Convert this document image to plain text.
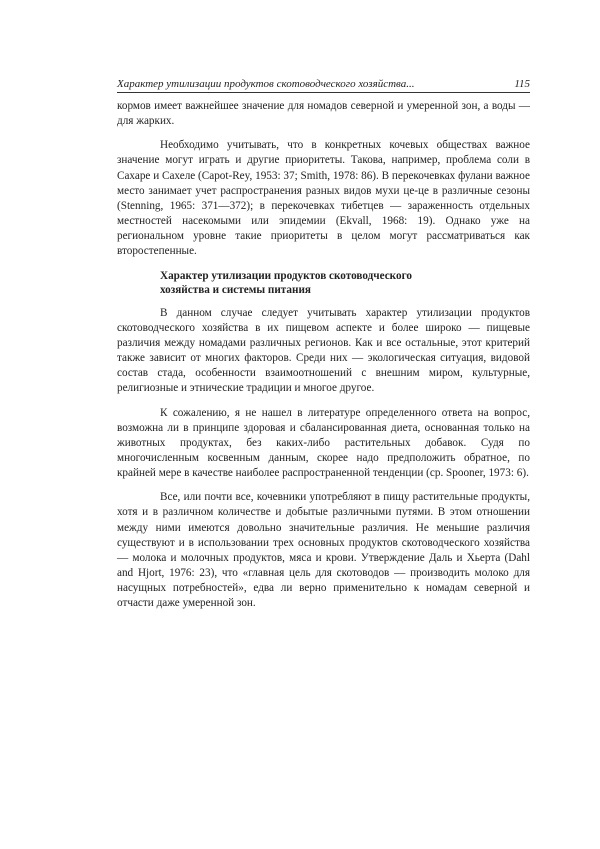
Характер утилизации продуктов скотоводческого хозяйства...	115

кормов имеет важнейшее значение для номадов северной и умеренной зон, а воды — для жарких.

Необходимо учитывать, что в конкретных кочевых обществах важное значение могут играть и другие приоритеты. Такова, например, проблема соли в Сахаре и Сахеле (Capot-Rey, 1953: 37; Smith, 1978: 86). В перекочевках фулани важное место занимает учет распространения разных видов мухи це-це в различные сезоны (Stenning, 1965: 371—372); в перекочевках тибетцев — зараженность отдельных местностей насекомыми или эпидемии (Ekvall, 1968: 19). Однако уже на региональном уровне такие приоритеты в целом могут рассматриваться как второстепенные.

Характер утилизации продуктов скотоводческого

хозяйства и системы питания

В данном случае следует учитывать характер утилизации продуктов скотоводческого хозяйства в их пищевом аспекте и более широко — пищевые различия между номадами различных регионов. Как и все остальные, этот критерий также зависит от многих факторов. Среди них — экологическая ситуация, видовой состав стада, особенности взаимоотношений с внешним миром, культурные, религиозные и этнические традиции и многое другое.

К сожалению, я не нашел в литературе определенного ответа на вопрос, возможна ли в принципе здоровая и сбалансированная диета, основанная только на животных продуктах, без каких-либо растительных добавок. Судя по многочисленным косвенным данным, скорее надо предположить обратное, по крайней мере в качестве наиболее распространенной тенденции (ср. Spooner, 1973: 6).

Все, или почти все, кочевники употребляют в пищу растительные продукты, хотя и в различном количестве и добытые различными путями. В этом отношении между ними имеются довольно значительные различия. Не меньшие различия существуют и в использовании трех основных продуктов скотоводческого хозяйства — молока и молочных продуктов, мяса и крови. Утверждение Даль и Хьерта (Dahl and Hjort, 1976: 23), что «главная цель для скотоводов — производить молоко для насущных потребностей», едва ли верно применительно к номадам северной и отчасти даже умеренной зон.
